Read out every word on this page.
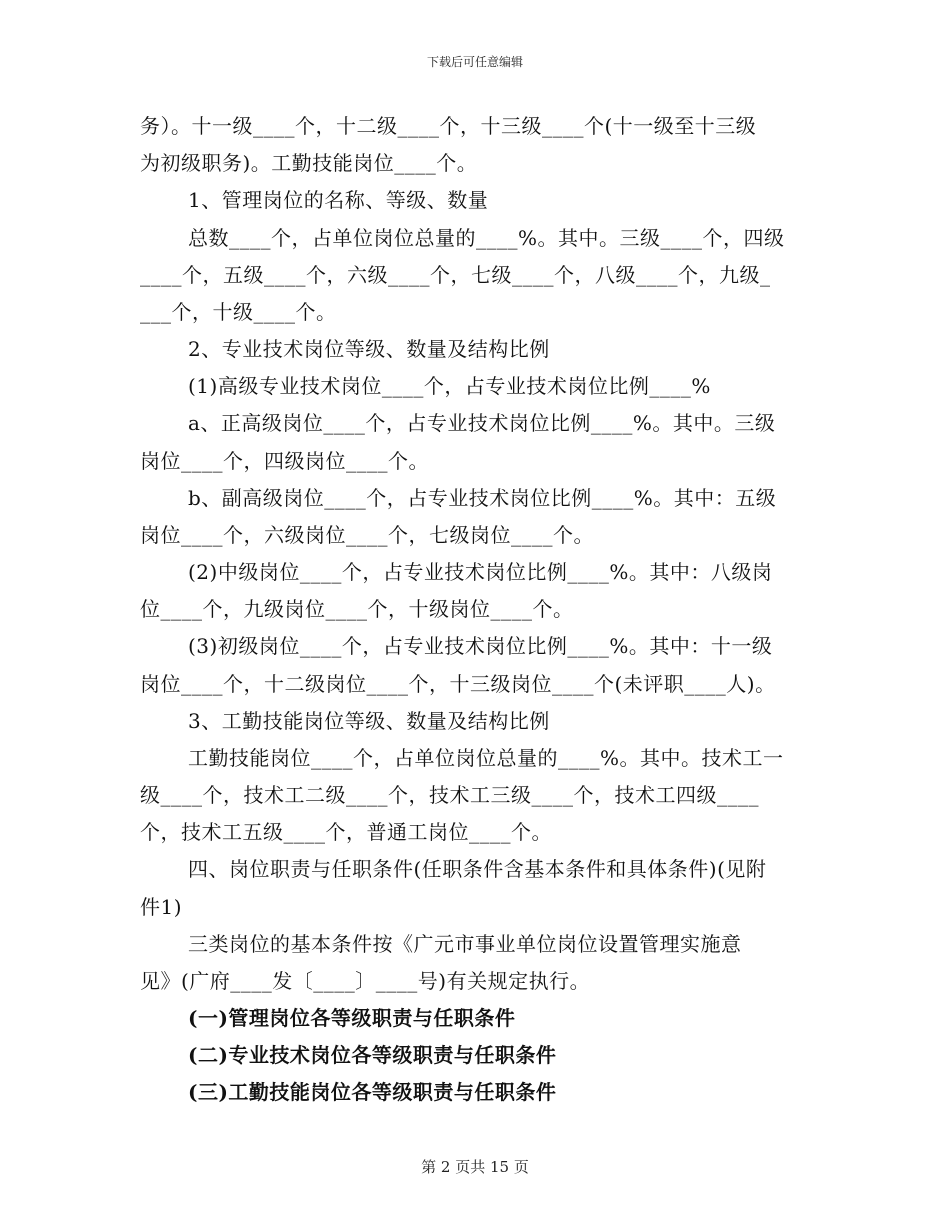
下载后可任意编辑
务）。十一级____个，十二级____个，十三级____个(十一级至十三级
为初级职务)。工勤技能岗位____个。
1、管理岗位的名称、等级、数量
总数____个，占单位岗位总量的____%。其中。三级____个，四级
____个，五级____个，六级____个，七级____个，八级____个，九级_
___个，十级____个。
2、专业技术岗位等级、数量及结构比例
(1)高级专业技术岗位____个，占专业技术岗位比例____%
a、正高级岗位____个，占专业技术岗位比例____%。其中。三级
岗位____个，四级岗位____个。
b、副高级岗位____个，占专业技术岗位比例____%。其中：五级
岗位____个，六级岗位____个，七级岗位____个。
(2)中级岗位____个，占专业技术岗位比例____%。其中：八级岗
位____个，九级岗位____个，十级岗位____个。
(3)初级岗位____个，占专业技术岗位比例____%。其中：十一级
岗位____个，十二级岗位____个，十三级岗位____个(未评职____人)。
3、工勤技能岗位等级、数量及结构比例
工勤技能岗位____个，占单位岗位总量的____%。其中。技术工一
级____个，技术工二级____个，技术工三级____个，技术工四级____
个，技术工五级____个，普通工岗位____个。
四、岗位职责与任职条件(任职条件含基本条件和具体条件)(见附
件1)
三类岗位的基本条件按《广元市事业单位岗位设置管理实施意
见》(广府____发〔____〕____号)有关规定执行。
(一)管理岗位各等级职责与任职条件
(二)专业技术岗位各等级职责与任职条件
(三)工勤技能岗位各等级职责与任职条件
第 2 页共 15 页
